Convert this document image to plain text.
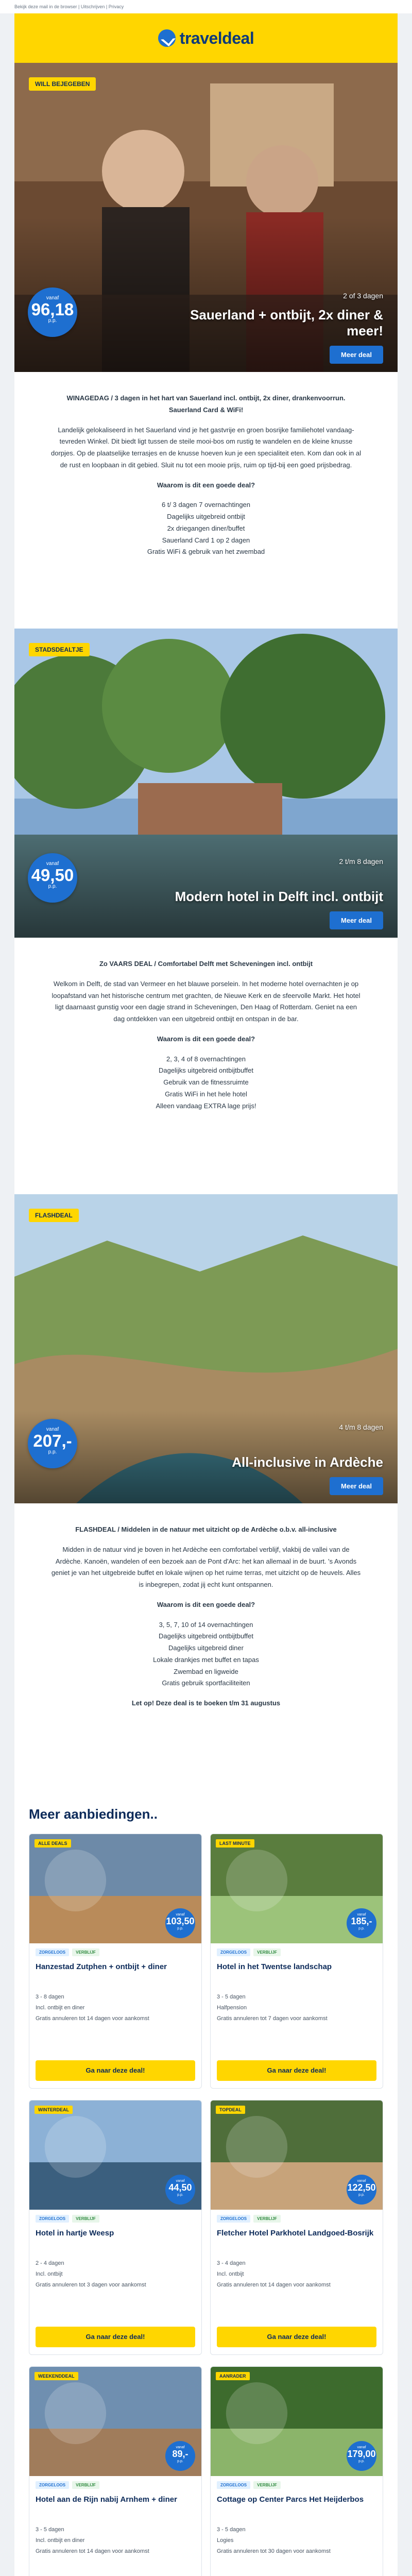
Bekijk deze mail in de browser | Uitschrijven | Privacy
traveldeal
WILL BEJEGEBEN
vanaf
96,18
p.p.
2 of 3 dagen
Sauerland + ontbijt, 2x diner & meer!
Meer deal

WINAGEDAG / 3 dagen in het hart van Sauerland incl. ontbijt, 2x diner, drankenvoorrun. Sauerland Card & WiFi!

Landelijk gelokaliseerd in het Sauerland vind je het gastvrije en groen bosrijke familiehotel vandaag-tevreden Winkel. Dit biedt ligt tussen de steile mooi-bos om rustig te wandelen en de kleine knusse dorpjes. Op de plaatselijke terrasjes en de knusse hoeven kun je een specialiteit eten. Kom dan ook in al de rust en loopbaan in dit gebied. Sluit nu tot een mooie prijs, ruim op tijd-bij een goed prijsbedrag.

Waarom is dit een goede deal?

6 t/ 3 dagen 7 overnachtingen
Dagelijks uitgebreid ontbijt
2x driegangen diner/buffet
Sauerland Card 1 op 2 dagen
Gratis WiFi & gebruik van het zwembad
STADSDEALTJE
vanaf
49,50
p.p.
2 t/m 8 dagen
Modern hotel in Delft incl. ontbijt
Meer deal

Zo VAARS DEAL / Comfortabel Delft met Scheveningen incl. ontbijt

Welkom in Delft, de stad van Vermeer en het blauwe porselein. In het moderne hotel overnachten je op loopafstand van het historische centrum met grachten, de Nieuwe Kerk en de sfeervolle Markt. Het hotel ligt daarnaast gunstig voor een dagje strand in Scheveningen, Den Haag of Rotterdam. Geniet na een dag ontdekken van een uitgebreid ontbijt en ontspan in de bar.

Waarom is dit een goede deal?

2, 3, 4 of 8 overnachtingen
Dagelijks uitgebreid ontbijtbuffet
Gebruik van de fitnessruimte
Gratis WiFi in het hele hotel
Alleen vandaag EXTRA lage prijs!
FLASHDEAL
vanaf
207,-
p.p.
4 t/m 8 dagen
All-inclusive in Ardèche
Meer deal

FLASHDEAL / Middelen in de natuur met uitzicht op de Ardèche o.b.v. all-inclusive

Midden in de natuur vind je boven in het Ardèche een comfortabel verblijf, vlakbij de vallei van de Ardèche. Kanoën, wandelen of een bezoek aan de Pont d'Arc: het kan allemaal in de buurt. 's Avonds geniet je van het uitgebreide buffet en lokale wijnen op het ruime terras, met uitzicht op de heuvels. Alles is inbegrepen, zodat jij echt kunt ontspannen.

Waarom is dit een goede deal?

3, 5, 7, 10 of 14 overnachtingen
Dagelijks uitgebreid ontbijtbuffet
Dagelijks uitgebreid diner
Lokale drankjes met buffet en tapas
Zwembad en ligweide
Gratis gebruik sportfaciliteiten

Let op! Deze deal is te boeken t/m 31 augustus

Meer aanbiedingen..
ALLE DEALS
vanaf
103,50
p.p.
ZORGELOOS	VERBLIJF
Hanzestad Zutphen + ontbijt + diner
3 - 8 dagen
Incl. ontbijt en diner
Gratis annuleren tot 14 dagen voor aankomst
Ga naar deze deal!
LAST MINUTE
vanaf
185,-
p.p.
ZORGELOOS	VERBLIJF
Hotel in het Twentse landschap
3 - 5 dagen
Halfpension
Gratis annuleren tot 7 dagen voor aankomst
Ga naar deze deal!
WINTERDEAL
vanaf
44,50
p.p.
ZORGELOOS	VERBLIJF
Hotel in hartje Weesp
2 - 4 dagen
Incl. ontbijt
Gratis annuleren tot 3 dagen voor aankomst
Ga naar deze deal!
TOPDEAL
vanaf
122,50
p.p.
ZORGELOOS	VERBLIJF
Fletcher Hotel Parkhotel Landgoed-Bosrijk
3 - 4 dagen
Incl. ontbijt
Gratis annuleren tot 14 dagen voor aankomst
Ga naar deze deal!
WEEKENDDEAL
vanaf
89,-
p.p.
ZORGELOOS	VERBLIJF
Hotel aan de Rijn nabij Arnhem + diner
3 - 5 dagen
Incl. ontbijt en diner
Gratis annuleren tot 14 dagen voor aankomst
AANRADER
vanaf
179,00
p.p.
ZORGELOOS	VERBLIJF
Cottage op Center Parcs Het Heijderbos
3 - 5 dagen
Logies
Gratis annuleren tot 30 dagen voor aankomst
